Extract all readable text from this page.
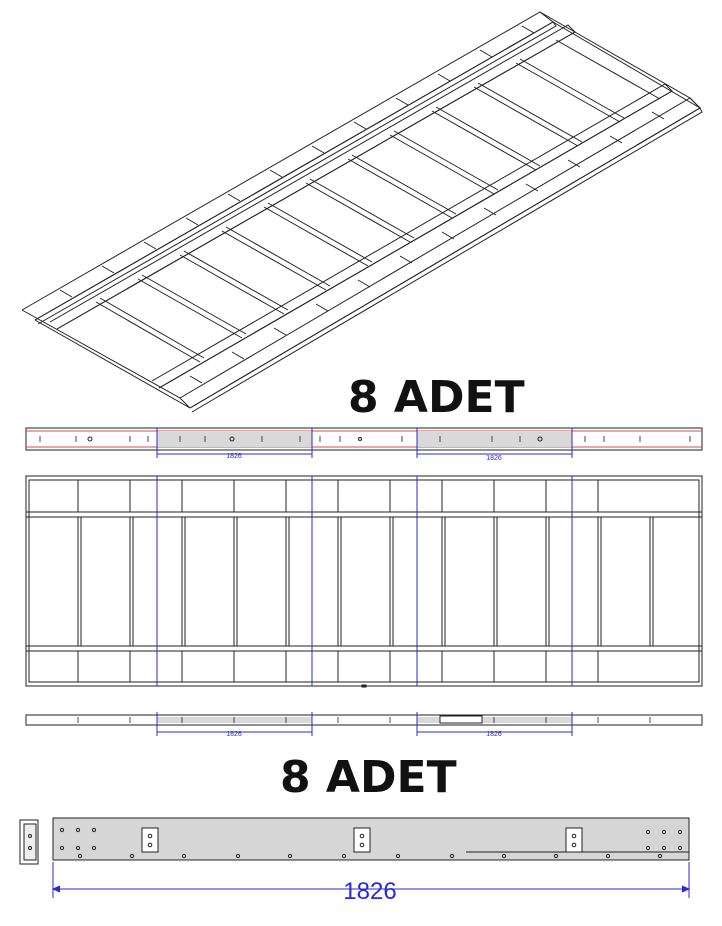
8 ADET
1826	1826
1826	1826
8 ADET
1826
